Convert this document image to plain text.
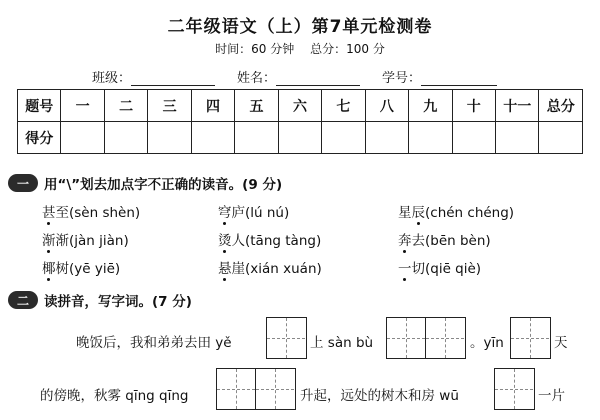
二年级语文（上）第7单元检测卷
时间：60 分钟 总分：100 分
班级：	姓名：	学号：
题号	一	二	三	四	五	六	七	八	九	十	十一	总分
得分												
一	用“\”划去加点字不正确的读音。(9 分)
甚至(sèn shèn)	穹庐(lú nú)	星辰(chén chéng)
渐渐(jàn jiàn)	烫人(tāng tàng)	奔去(bēn bèn)
椰树(yē yiē)	悬崖(xián xuán)	一切(qiē qiè)
二	读拼音，写字词。(7 分)
晚饭后，我和弟弟去田 yě	上 sàn bù	。yīn	天
的傍晚，秋雾 qīng qīng	升起，远处的树木和房 wū	一片
